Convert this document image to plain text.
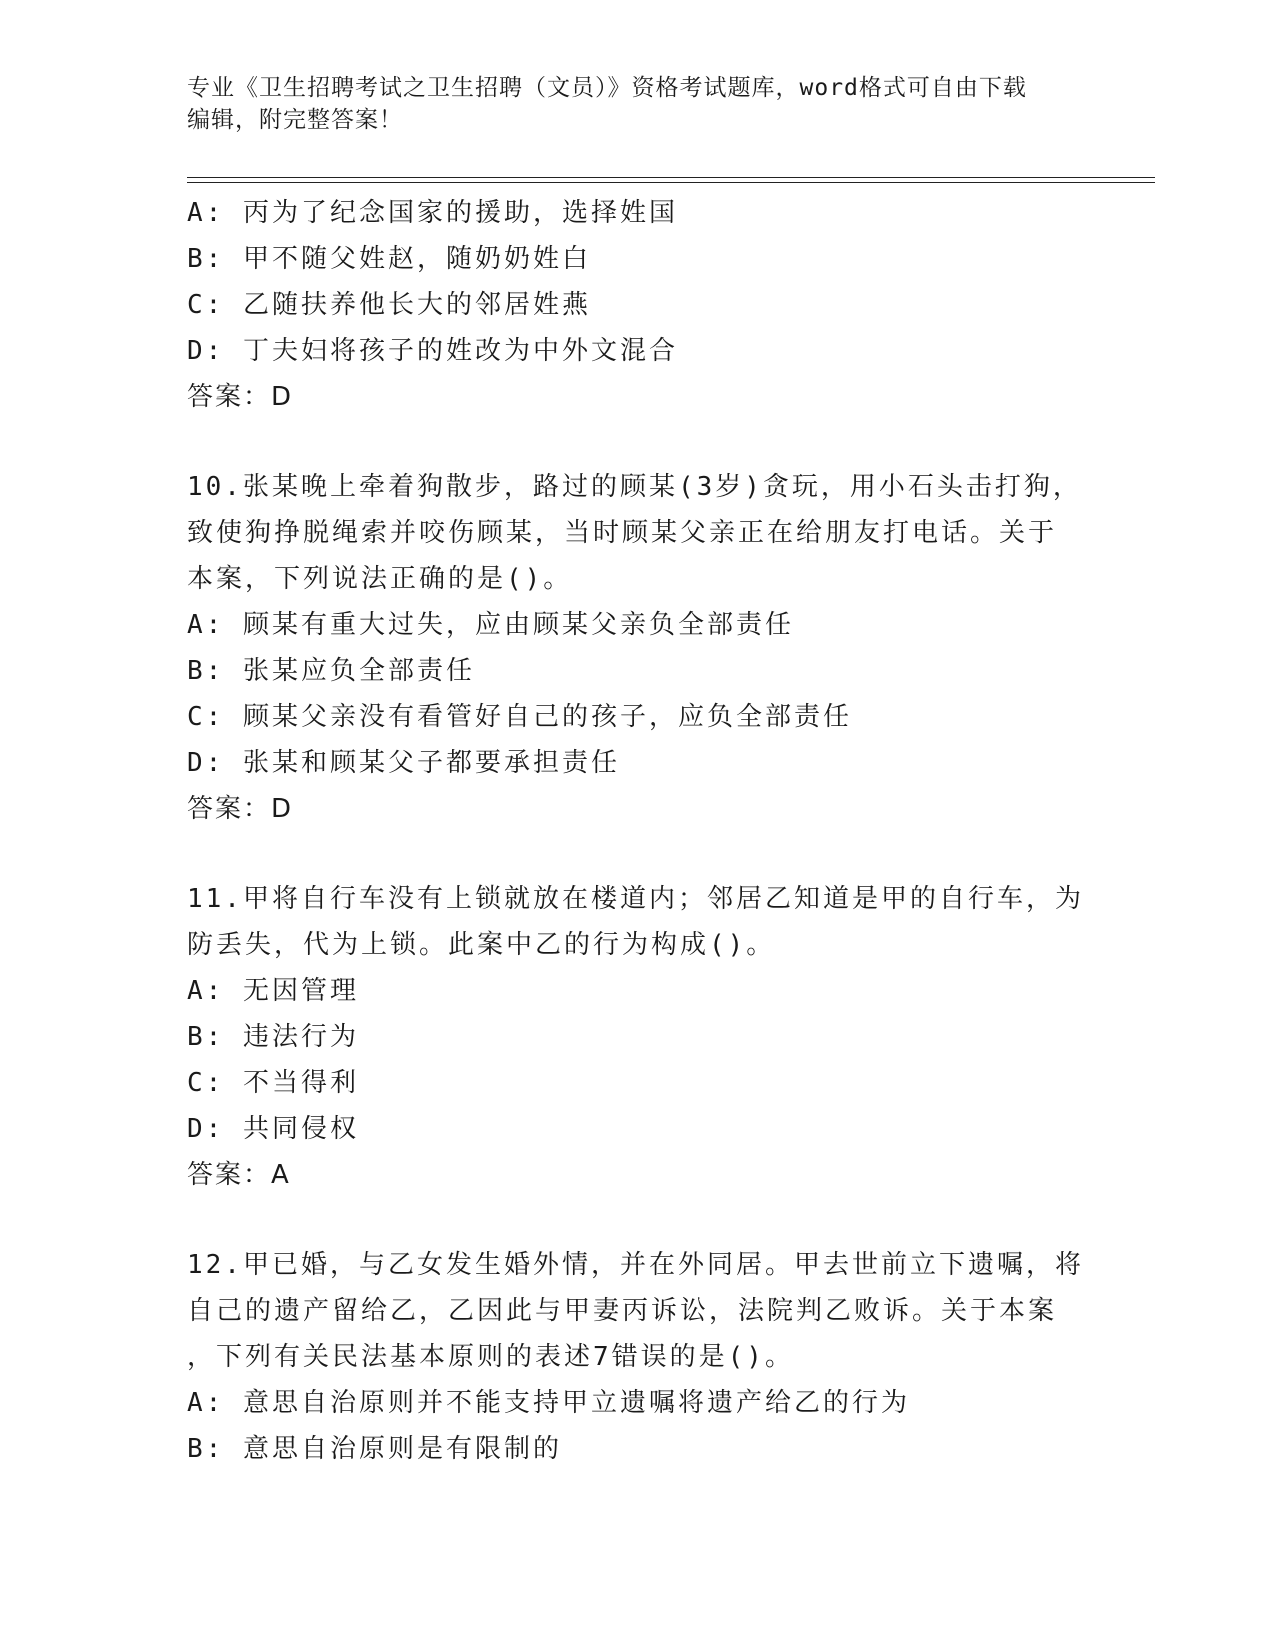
专业《卫生招聘考试之卫生招聘（文员）》资格考试题库，word格式可自由下载
编辑，附完整答案！
A: 丙为了纪念国家的援助，选择姓国
B: 甲不随父姓赵，随奶奶姓白
C: 乙随扶养他长大的邻居姓燕
D: 丁夫妇将孩子的姓改为中外文混合
答案：D
10.张某晚上牵着狗散步，路过的顾某(3岁)贪玩，用小石头击打狗，
致使狗挣脱绳索并咬伤顾某，当时顾某父亲正在给朋友打电话。关于
本案，下列说法正确的是()。
A: 顾某有重大过失，应由顾某父亲负全部责任
B: 张某应负全部责任
C: 顾某父亲没有看管好自己的孩子，应负全部责任
D: 张某和顾某父子都要承担责任
答案：D
11.甲将自行车没有上锁就放在楼道内；邻居乙知道是甲的自行车，为
防丢失，代为上锁。此案中乙的行为构成()。
A: 无因管理
B: 违法行为
C: 不当得利
D: 共同侵权
答案：A
12.甲已婚，与乙女发生婚外情，并在外同居。甲去世前立下遗嘱，将
自己的遗产留给乙，乙因此与甲妻丙诉讼，法院判乙败诉。关于本案
，下列有关民法基本原则的表述7错误的是()。
A: 意思自治原则并不能支持甲立遗嘱将遗产给乙的行为
B: 意思自治原则是有限制的
